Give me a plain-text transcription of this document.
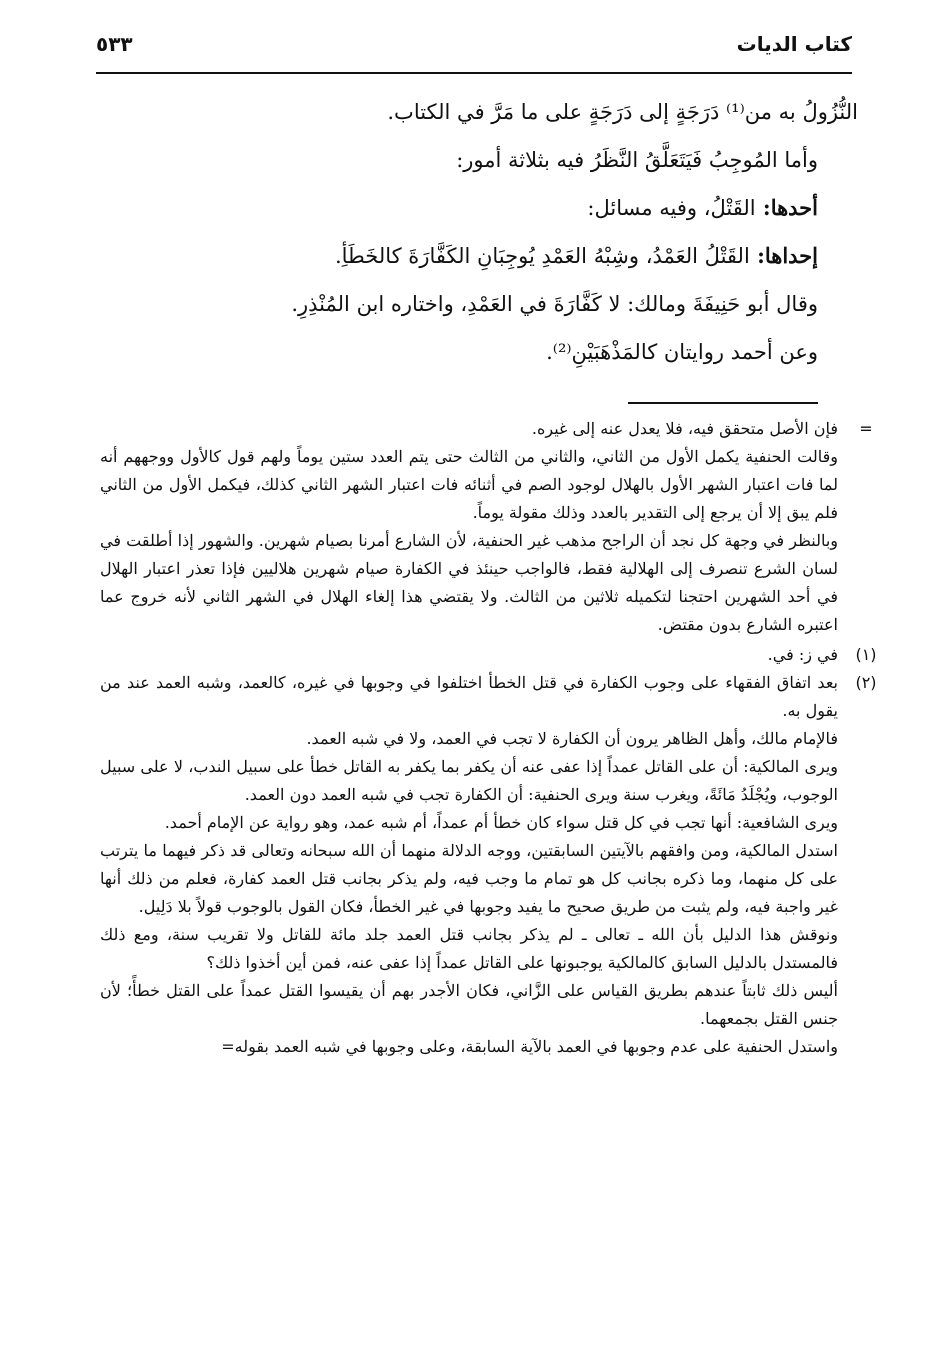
كتاب الديات
٥٣٣

النُّزُولُ به من⁽¹⁾ دَرَجَةٍ إلى دَرَجَةٍ على ما مَرَّ في الكتاب.

وأما المُوجِبُ فَيَتَعَلَّقُ النَّظَرُ فيه بثلاثة أمور:

أحدها: القَتْلُ، وفيه مسائل:

إحداها: القَتْلُ العَمْدُ، وشِبْهُ العَمْدِ يُوجِبَانِ الكَفَّارَةَ كالخَطَأِ.

وقال أبو حَنِيفَةَ ومالك: لا كَفَّارَةَ في العَمْدِ، واختاره ابن المُنْذِرِ.

وعن أحمد روايتان كالمَذْهَبَيْنِ⁽²⁾.

=
فإن الأصل متحقق فيه، فلا يعدل عنه إلى غيره.

وقالت الحنفية يكمل الأول من الثاني، والثاني من الثالث حتى يتم العدد ستين يوماً ولهم قول كالأول ووجههم أنه لما فات اعتبار الشهر الأول بالهلال لوجود الصم في أثنائه فات اعتبار الشهر الثاني كذلك، فيكمل الأول من الثاني فلم يبق إلا أن يرجع إلى التقدير بالعدد وذلك مقولة يوماً.

وبالنظر في وجهة كل نجد أن الراجح مذهب غير الحنفية، لأن الشارع أمرنا بصيام شهرين. والشهور إذا أطلقت في لسان الشرع تنصرف إلى الهلالية فقط، فالواجب حينئذ في الكفارة صيام شهرين هلاليين فإذا تعذر اعتبار الهلال في أحد الشهرين احتجنا لتكميله ثلاثين من الثالث. ولا يقتضي هذا إلغاء الهلال في الشهر الثاني لأنه خروج عما اعتبره الشارع بدون مقتض.

(١)
في ز: في.

(٢)
بعد اتفاق الفقهاء على وجوب الكفارة في قتل الخطأ اختلفوا في وجوبها في غيره، كالعمد، وشبه العمد عند من يقول به.

فالإمام مالك، وأهل الظاهر يرون أن الكفارة لا تجب في العمد، ولا في شبه العمد.

ويرى المالكية: أن على القاتل عمداً إذا عفى عنه أن يكفر بما يكفر به القاتل خطأ على سبيل الندب، لا على سبيل الوجوب، ويُجْلَدُ مَائَةً، ويغرب سنة ويرى الحنفية: أن الكفارة تجب في شبه العمد دون العمد.

ويرى الشافعية: أنها تجب في كل قتل سواء كان خطأ أم عمداً، أم شبه عمد، وهو رواية عن الإمام أحمد.

استدل المالكية، ومن وافقهم بالآيتين السابقتين، ووجه الدلالة منهما أن الله سبحانه وتعالى قد ذكر فيهما ما يترتب على كل منهما، وما ذكره بجانب كل هو تمام ما وجب فيه، ولم يذكر بجانب قتل العمد كفارة، فعلم من ذلك أنها غير واجبة فيه، ولم يثبت من طريق صحيح ما يفيد وجوبها في غير الخطأ، فكان القول بالوجوب قولاً بلا دَلِيل.

ونوقش هذا الدليل بأن الله ـ تعالى ـ لم يذكر بجانب قتل العمد جلد مائة للقاتل ولا تقريب سنة، ومع ذلك فالمستدل بالدليل السابق كالمالكية يوجبونها على القاتل عمداً إذا عفى عنه، فمن أين أخذوا ذلك؟

أليس ذلك ثابتاً عندهم بطريق القياس على الزَّاني، فكان الأجدر بهم أن يقيسوا القتل عمداً على القتل خطأً؛ لأن جنس القتل بجمعهما.

واستدل الحنفية على عدم وجوبها في العمد بالآية السابقة، وعلى وجوبها في شبه العمد بقوله=
